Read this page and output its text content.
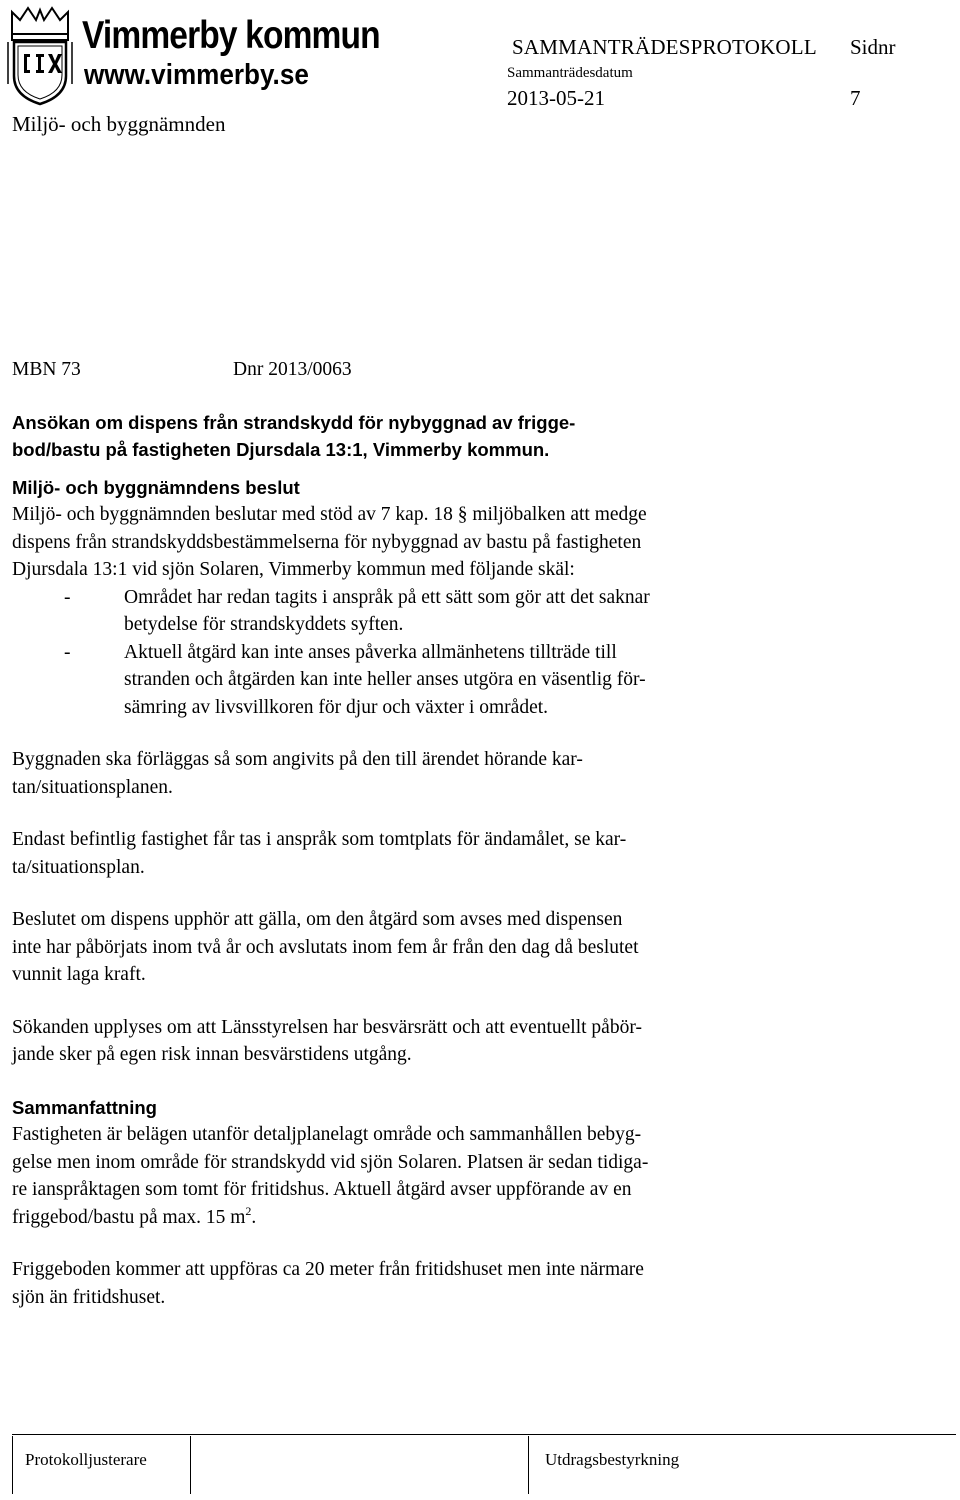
Vimmerby kommun
www.vimmerby.se
SAMMANTRÄDESPROTOKOLL Sidnr
Sammanträdesdatum
2013-05-21	7
Miljö- och byggnämnden
MBN 73	Dnr 2013/0063
Ansökan om dispens från strandskydd för nybyggnad av frigge-
bod/bastu på fastigheten Djursdala 13:1, Vimmerby kommun.
Miljö- och byggnämndens beslut
Miljö- och byggnämnden beslutar med stöd av 7 kap. 18 § miljöbalken att medge
dispens från strandskyddsbestämmelserna för nybyggnad av bastu på fastigheten
Djursdala 13:1 vid sjön Solaren, Vimmerby kommun med följande skäl:
-	Området har redan tagits i anspråk på ett sätt som gör att det saknar
betydelse för strandskyddets syften.
-	Aktuell åtgärd kan inte anses påverka allmänhetens tillträde till
stranden och åtgärden kan inte heller anses utgöra en väsentlig för-
sämring av livsvillkoren för djur och växter i området.
Byggnaden ska förläggas så som angivits på den till ärendet hörande kar-
tan/situationsplanen.
Endast befintlig fastighet får tas i anspråk som tomtplats för ändamålet, se kar-
ta/situationsplan.
Beslutet om dispens upphör att gälla, om den åtgärd som avses med dispensen
inte har påbörjats inom två år och avslutats inom fem år från den dag då beslutet
vunnit laga kraft.
Sökanden upplyses om att Länsstyrelsen har besvärsrätt och att eventuellt påbör-
jande sker på egen risk innan besvärstidens utgång.
Sammanfattning
Fastigheten är belägen utanför detaljplanelagt område och sammanhållen bebyg-
gelse men inom område för strandskydd vid sjön Solaren. Platsen är sedan tidiga-
re ianspråktagen som tomt för fritidshus. Aktuell åtgärd avser uppförande av en
friggebod/bastu på max. 15 $m^2$.
Friggeboden kommer att uppföras ca 20 meter från fritidshuset men inte närmare
sjön än fritidshuset.
Protokolljusterare	Utdragsbestyrkning
